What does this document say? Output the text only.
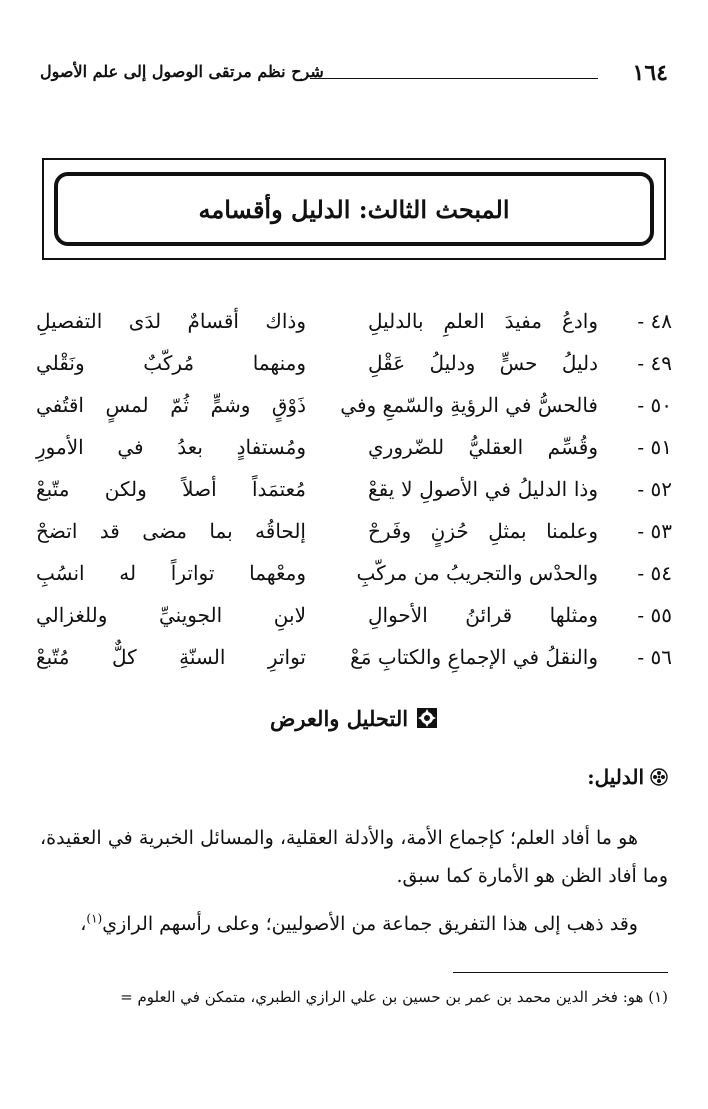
١٦٤
شرح نظم مرتقى الوصول إلى علم الأصول
المبحث الثالث: الدليل وأقسامه
٤٨ -
وادعُ مفيدَ العلمِ بالدليلِ
وذاك أقسامٌ لدَى التفصيلِ
٤٩ -
دليلُ حسٍّ ودليلُ عَقْلِ
ومنهما مُركّبٌ ونَقْلي
٥٠ -
فالحسُّ في الرؤيةِ والسّمعِ وفي
ذَوْقٍ وشمٍّ ثُمّ لمسٍ اقتُفي
٥١ -
وقُسِّم العقليُّ للضّروري
ومُستفادٍ بعدُ في الأمورِ
٥٢ -
وذا الدليلُ في الأصولِ لا يقعْ
مُعتمَداً أصلاً ولكن متّبعْ
٥٣ -
وعلمنا بمثلِ حُزنٍ وفَرحْ
إلحاقُه بما مضى قد اتضحْ
٥٤ -
والحدْس والتجريبُ من مركّبِ
ومعْهما تواتراً له انسُبِ
٥٥ -
ومثلها قرائنُ الأحوالِ
لابنِ الجوينيِّ وللغزالي
٥٦ -
والنقلُ في الإجماعِ والكتابِ مَعْ
تواترِ السنّةِ كلٌّ مُتّبعْ
التحليل والعرض
الدليل:

هو ما أفاد العلم؛ كإجماع الأمة، والأدلة العقلية، والمسائل الخبرية في العقيدة، وما أفاد الظن هو الأمارة كما سبق.

وقد ذهب إلى هذا التفريق جماعة من الأصوليين؛ وعلى رأسهم الرازي$^{(١)}$،

(١) هو: فخر الدين محمد بن عمر بن حسين بن علي الرازي الطبري، متمكن في العلوم =
